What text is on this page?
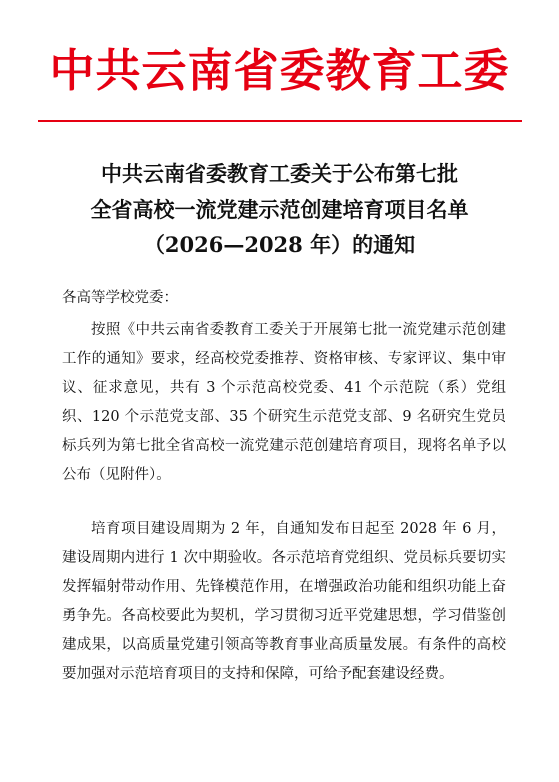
中共云南省委教育工委
中共云南省委教育工委关于公布第七批
全省高校一流党建示范创建培育项目名单
（2026—2028 年）的通知
各高等学校党委：

按照《中共云南省委教育工委关于开展第七批一流党建示范创建工作的通知》要求，经高校党委推荐、资格审核、专家评议、集中审议、征求意见，共有 3 个示范高校党委、41 个示范院（系）党组织、120 个示范党支部、35 个研究生示范党支部、9 名研究生党员标兵列为第七批全省高校一流党建示范创建培育项目，现将名单予以公布（见附件）。

培育项目建设周期为 2 年，自通知发布日起至 2028 年 6 月，建设周期内进行 1 次中期验收。各示范培育党组织、党员标兵要切实发挥辐射带动作用、先锋模范作用，在增强政治功能和组织功能上奋勇争先。各高校要此为契机，学习贯彻习近平党建思想，学习借鉴创建成果，以高质量党建引领高等教育事业高质量发展。有条件的高校要加强对示范培育项目的支持和保障，可给予配套建设经费。
